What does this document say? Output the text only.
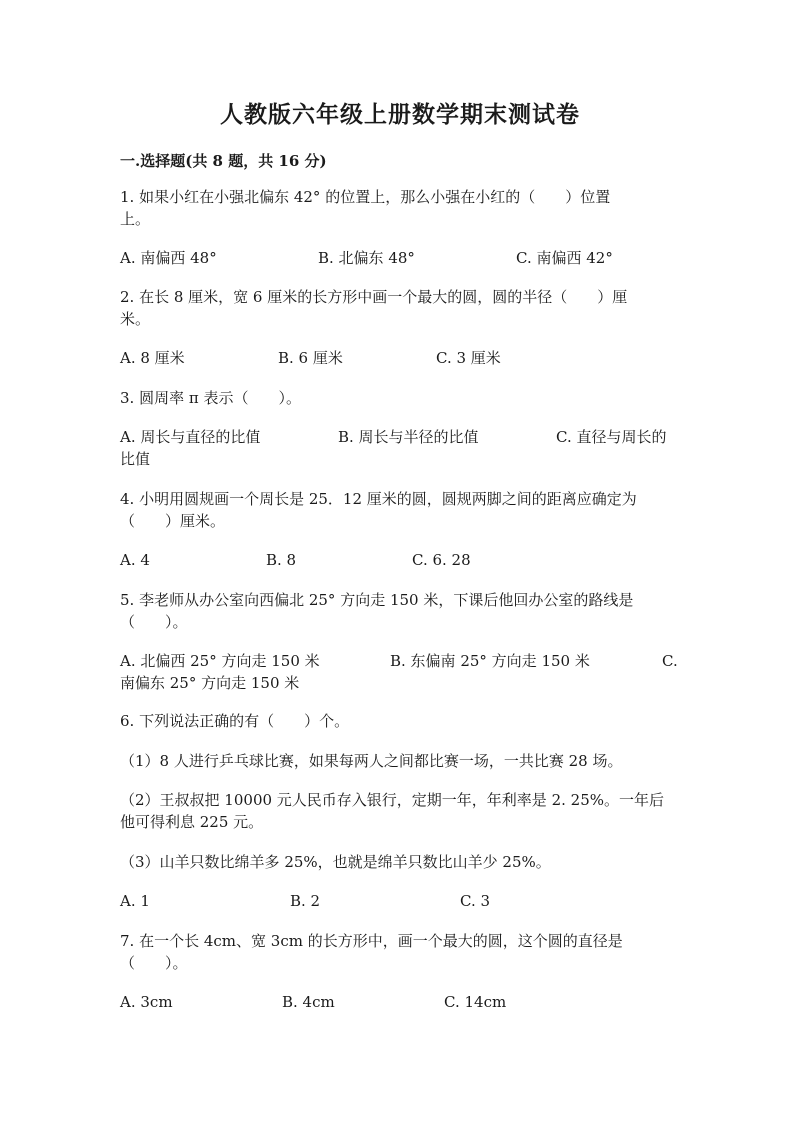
人教版六年级上册数学期末测试卷
一.选择题(共 8 题，共 16 分)
1. 如果小红在小强北偏东 42° 的位置上，那么小强在小红的（　　）位置
上。
A. 南偏西 48°	B. 北偏东 48°	C. 南偏西 42°
2. 在长 8 厘米，宽 6 厘米的长方形中画一个最大的圆，圆的半径（　　）厘
米。
A. 8 厘米	B. 6 厘米	C. 3 厘米
3. 圆周率 π 表示（　　）。
A. 周长与直径的比值	B. 周长与半径的比值	C. 直径与周长的
比值
4. 小明用圆规画一个周长是 25．12 厘米的圆，圆规两脚之间的距离应确定为
（　　）厘米。
A. 4	B. 8	C. 6. 28
5. 李老师从办公室向西偏北 25° 方向走 150 米，下课后他回办公室的路线是
（　　）。
A. 北偏西 25° 方向走 150 米	B. 东偏南 25° 方向走 150 米	C.
南偏东 25° 方向走 150 米
6. 下列说法正确的有（　　）个。
（1）8 人进行乒乓球比赛，如果每两人之间都比赛一场，一共比赛 28 场。
（2）王叔叔把 10000 元人民币存入银行，定期一年，年利率是 2. 25%。一年后
他可得利息 225 元。
（3）山羊只数比绵羊多 25%，也就是绵羊只数比山羊少 25%。
A. 1	B. 2	C. 3
7. 在一个长 4cm、宽 3cm 的长方形中，画一个最大的圆，这个圆的直径是
（　　）。
A. 3cm	B. 4cm	C. 14cm
